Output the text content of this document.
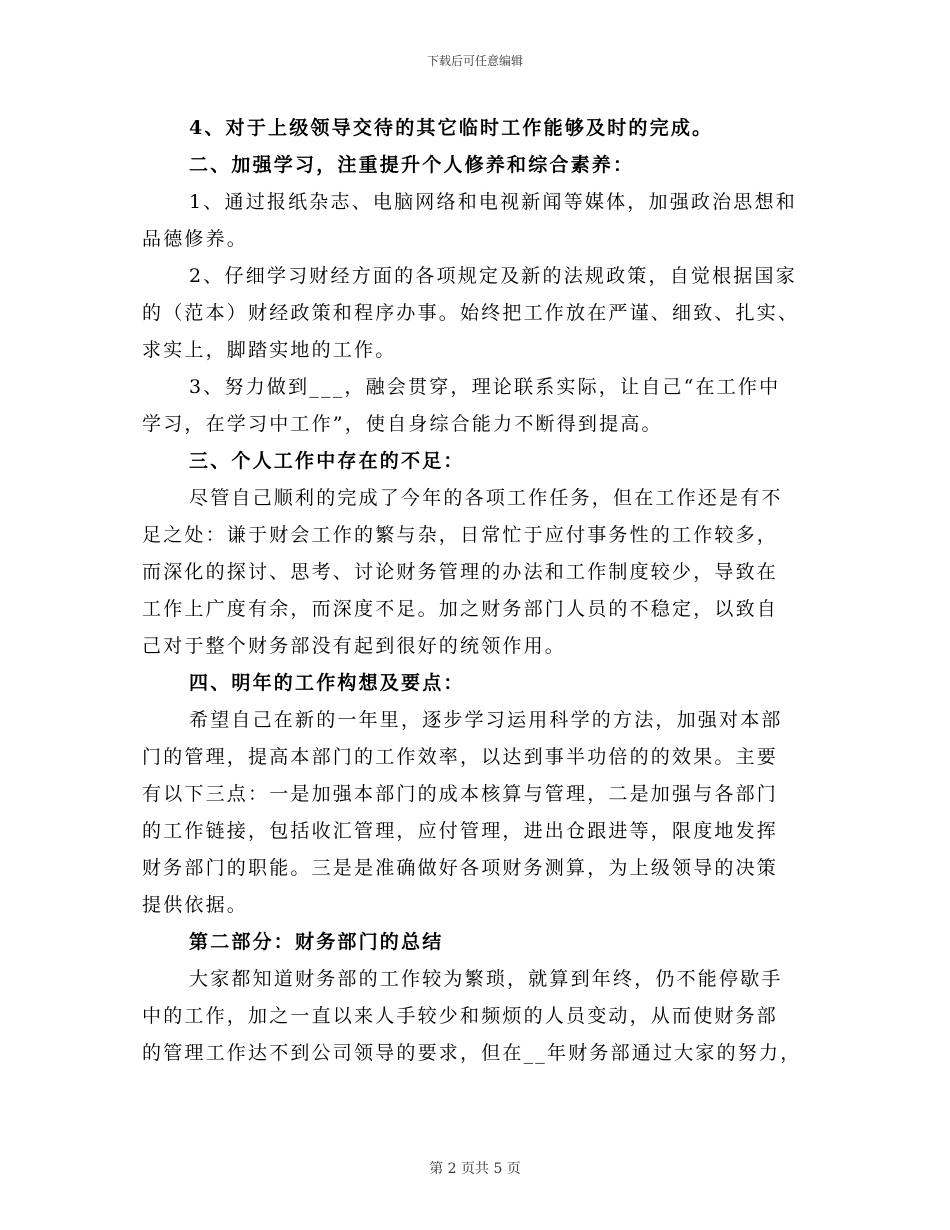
下载后可任意编辑
4、对于上级领导交待的其它临时工作能够及时的完成。
二、加强学习，注重提升个人修养和综合素养：
1、通过报纸杂志、电脑网络和电视新闻等媒体，加强政治思想和
品德修养。
2、仔细学习财经方面的各项规定及新的法规政策，自觉根据国家
的（范本）财经政策和程序办事。始终把工作放在严谨、细致、扎实、
求实上，脚踏实地的工作。
3、努力做到___，融会贯穿，理论联系实际，让自己“在工作中
学习，在学习中工作”，使自身综合能力不断得到提高。
三、个人工作中存在的不足：
尽管自己顺利的完成了今年的各项工作任务，但在工作还是有不
足之处：谦于财会工作的繁与杂，日常忙于应付事务性的工作较多，
而深化的探讨、思考、讨论财务管理的办法和工作制度较少，导致在
工作上广度有余，而深度不足。加之财务部门人员的不稳定，以致自
己对于整个财务部没有起到很好的统领作用。
四、明年的工作构想及要点：
希望自己在新的一年里，逐步学习运用科学的方法，加强对本部
门的管理，提高本部门的工作效率，以达到事半功倍的的效果。主要
有以下三点：一是加强本部门的成本核算与管理，二是加强与各部门
的工作链接，包括收汇管理，应付管理，进出仓跟进等，限度地发挥
财务部门的职能。三是是准确做好各项财务测算，为上级领导的决策
提供依据。
第二部分：财务部门的总结
大家都知道财务部的工作较为繁琐，就算到年终，仍不能停歇手
中的工作，加之一直以来人手较少和频烦的人员变动，从而使财务部
的管理工作达不到公司领导的要求，但在__年财务部通过大家的努力，
第 2 页共 5 页
